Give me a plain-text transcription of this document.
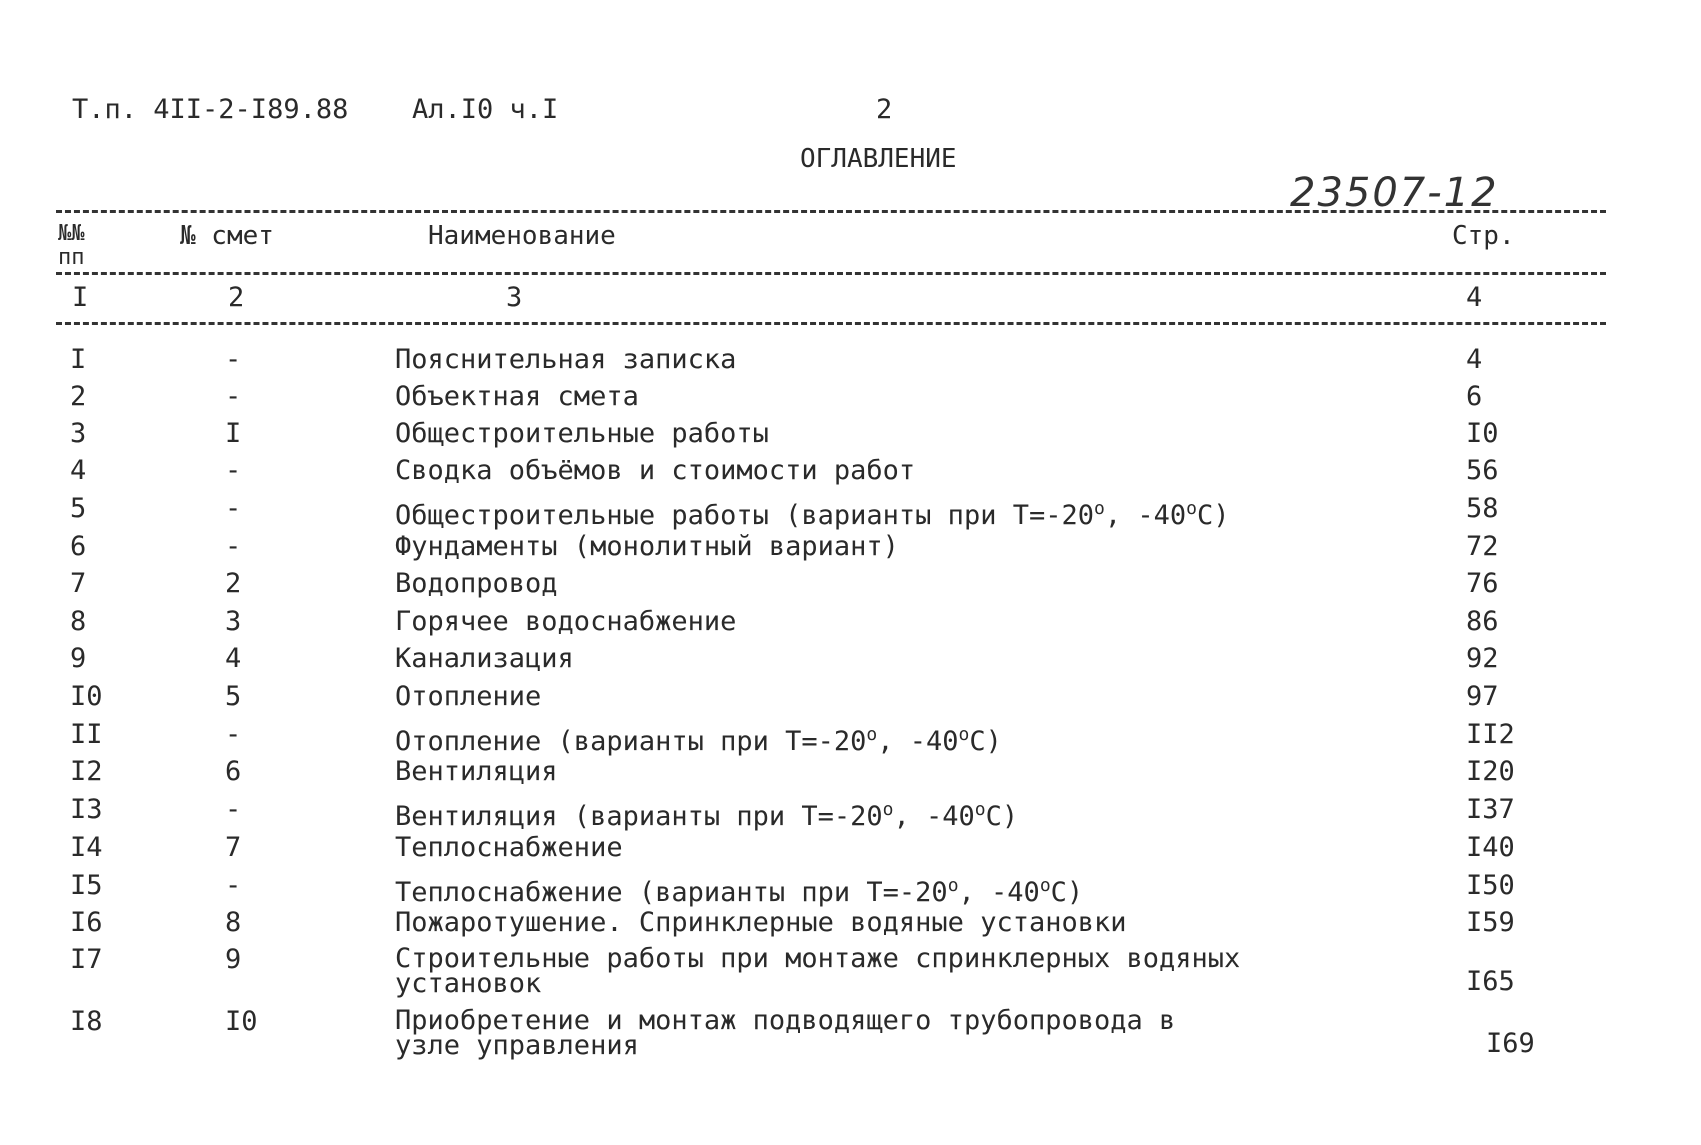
Т.п. 4II-2-I89.88 Ал.I0 ч.I	2
ОГЛАВЛЕНИЕ
23507-12
№№ пп
№ смет	Наименование	Стр.
I	2	3	4
I	-	Пояснительная записка	4
2	-	Объектная смета	6
3	I	Общестроительные работы	I0
4	-	Сводка объёмов и стоимости работ	56
5	-	Общестроительные работы (варианты при $Т=-20^o$, -40$^o$С)	58
6	-	Фундаменты (монолитный вариант)	72
7	2	Водопровод	76
8	3	Горячее водоснабжение	86
9	4	Канализация	92
I0	5	Отопление	97
II	-	Отопление (варианты при $Т=-20^o$, -40$^o$С)	II2
I2	6	Вентиляция	I20
I3	-	Вентиляция (варианты при $Т=-20^o$, -40$^o$С)	I37
I4	7	Теплоснабжение	I40
I5	-	Теплоснабжение (варианты при $Т=-20^o$, -40$^o$С)	I50
I6	8	Пожаротушение. Спринклерные водяные установки	I59
I7	9	Строительные работы при монтаже спринклерных водяных
установок	I65
I8	I0	Приобретение и монтаж подводящего трубопровода в
узле управления	I69
